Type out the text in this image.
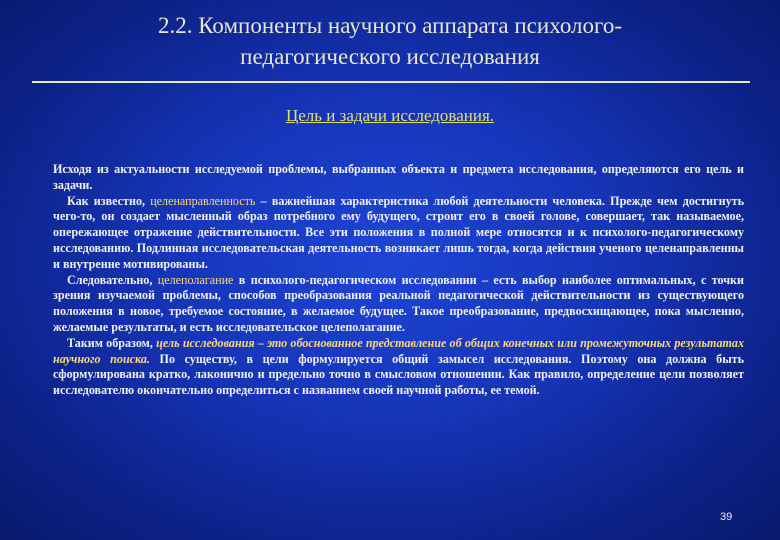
2.2. Компоненты научного аппарата психолого-
педагогического исследования
Цель и задачи исследования.

Исходя из актуальности исследуемой проблемы, выбранных объекта и предмета исследования, определяются его цель и задачи.

Как известно, целенаправленность – важнейшая характеристика любой деятельности человека. Прежде чем достигнуть чего-то, он создает мысленный образ потребного ему будущего, строит его в своей голове, совершает, так называемое, опережающее отражение действительности. Все эти положения в полной мере относятся и к психолого-педагогическому исследованию. Подлинная исследовательская деятельность возникает лишь тогда, когда действия ученого целенаправленны и внутренне мотивированы.

Следовательно, целеполагание в психолого-педагогическом исследовании – есть выбор наиболее оптимальных, с точки зрения изучаемой проблемы, способов преобразования реальной педагогической действительности из существующего положения в новое, требуемое состояние, в желаемое будущее. Такое преобразование, предвосхищающее, пока мысленно, желаемые результаты, и есть исследовательское целеполагание.

Таким образом, цель исследования – это обоснованное представление об общих конечных или промежуточных результатах научного поиска. По существу, в цели формулируется общий замысел исследования. Поэтому она должна быть сформулирована кратко, лаконично и предельно точно в смысловом отношении. Как правило, определение цели позволяет исследователю окончательно определиться с названием своей научной работы, ее темой.

39
